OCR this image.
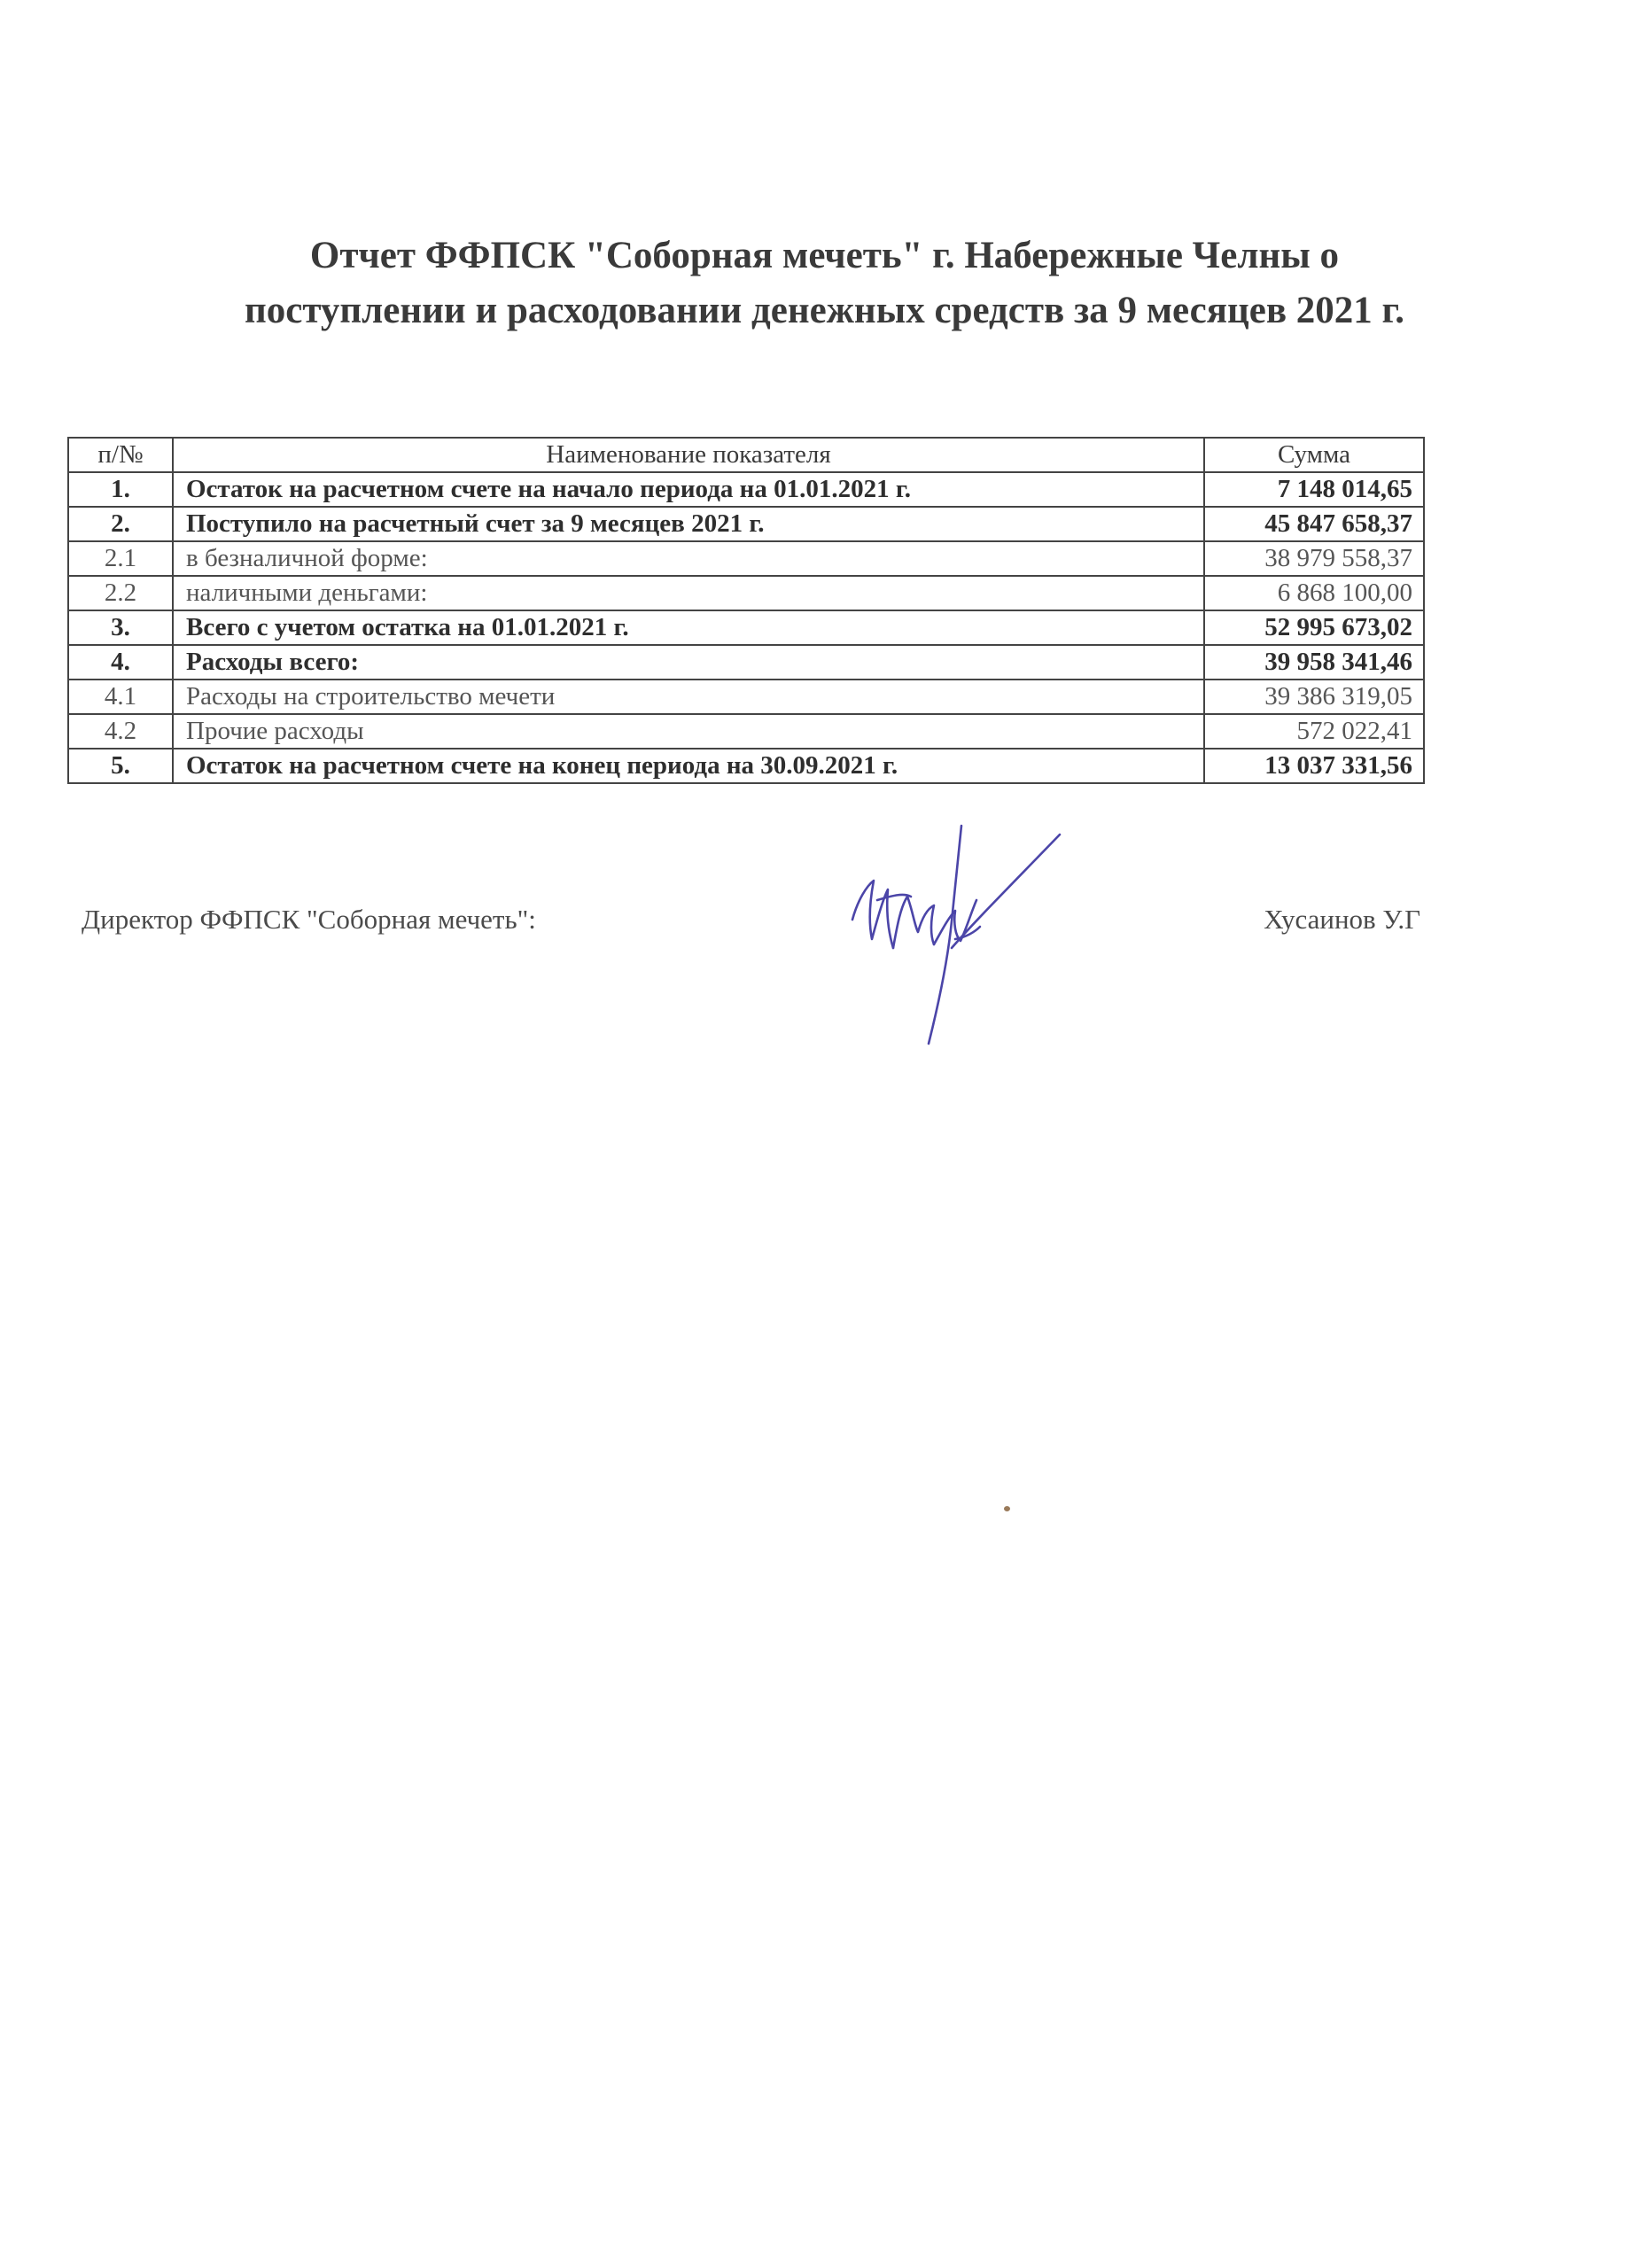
Отчет ФФПСК "Соборная мечеть" г. Набережные Челны о
поступлении и расходовании денежных средств за 9 месяцев 2021 г.
п/№	Наименование показателя	Сумма
1.	Остаток на расчетном счете на начало периода на 01.01.2021 г.	7 148 014,65
2.	Поступило на расчетный счет за 9 месяцев 2021 г.	45 847 658,37
2.1	в безналичной форме:	38 979 558,37
2.2	наличными деньгами:	6 868 100,00
3.	Всего с учетом остатка на 01.01.2021 г.	52 995 673,02
4.	Расходы всего:	39 958 341,46
4.1	Расходы на строительство мечети	39 386 319,05
4.2	Прочие расходы	572 022,41
5.	Остаток на расчетном счете на конец периода на 30.09.2021 г.	13 037 331,56
Директор ФФПСК "Соборная мечеть":	Хусаинов У.Г
